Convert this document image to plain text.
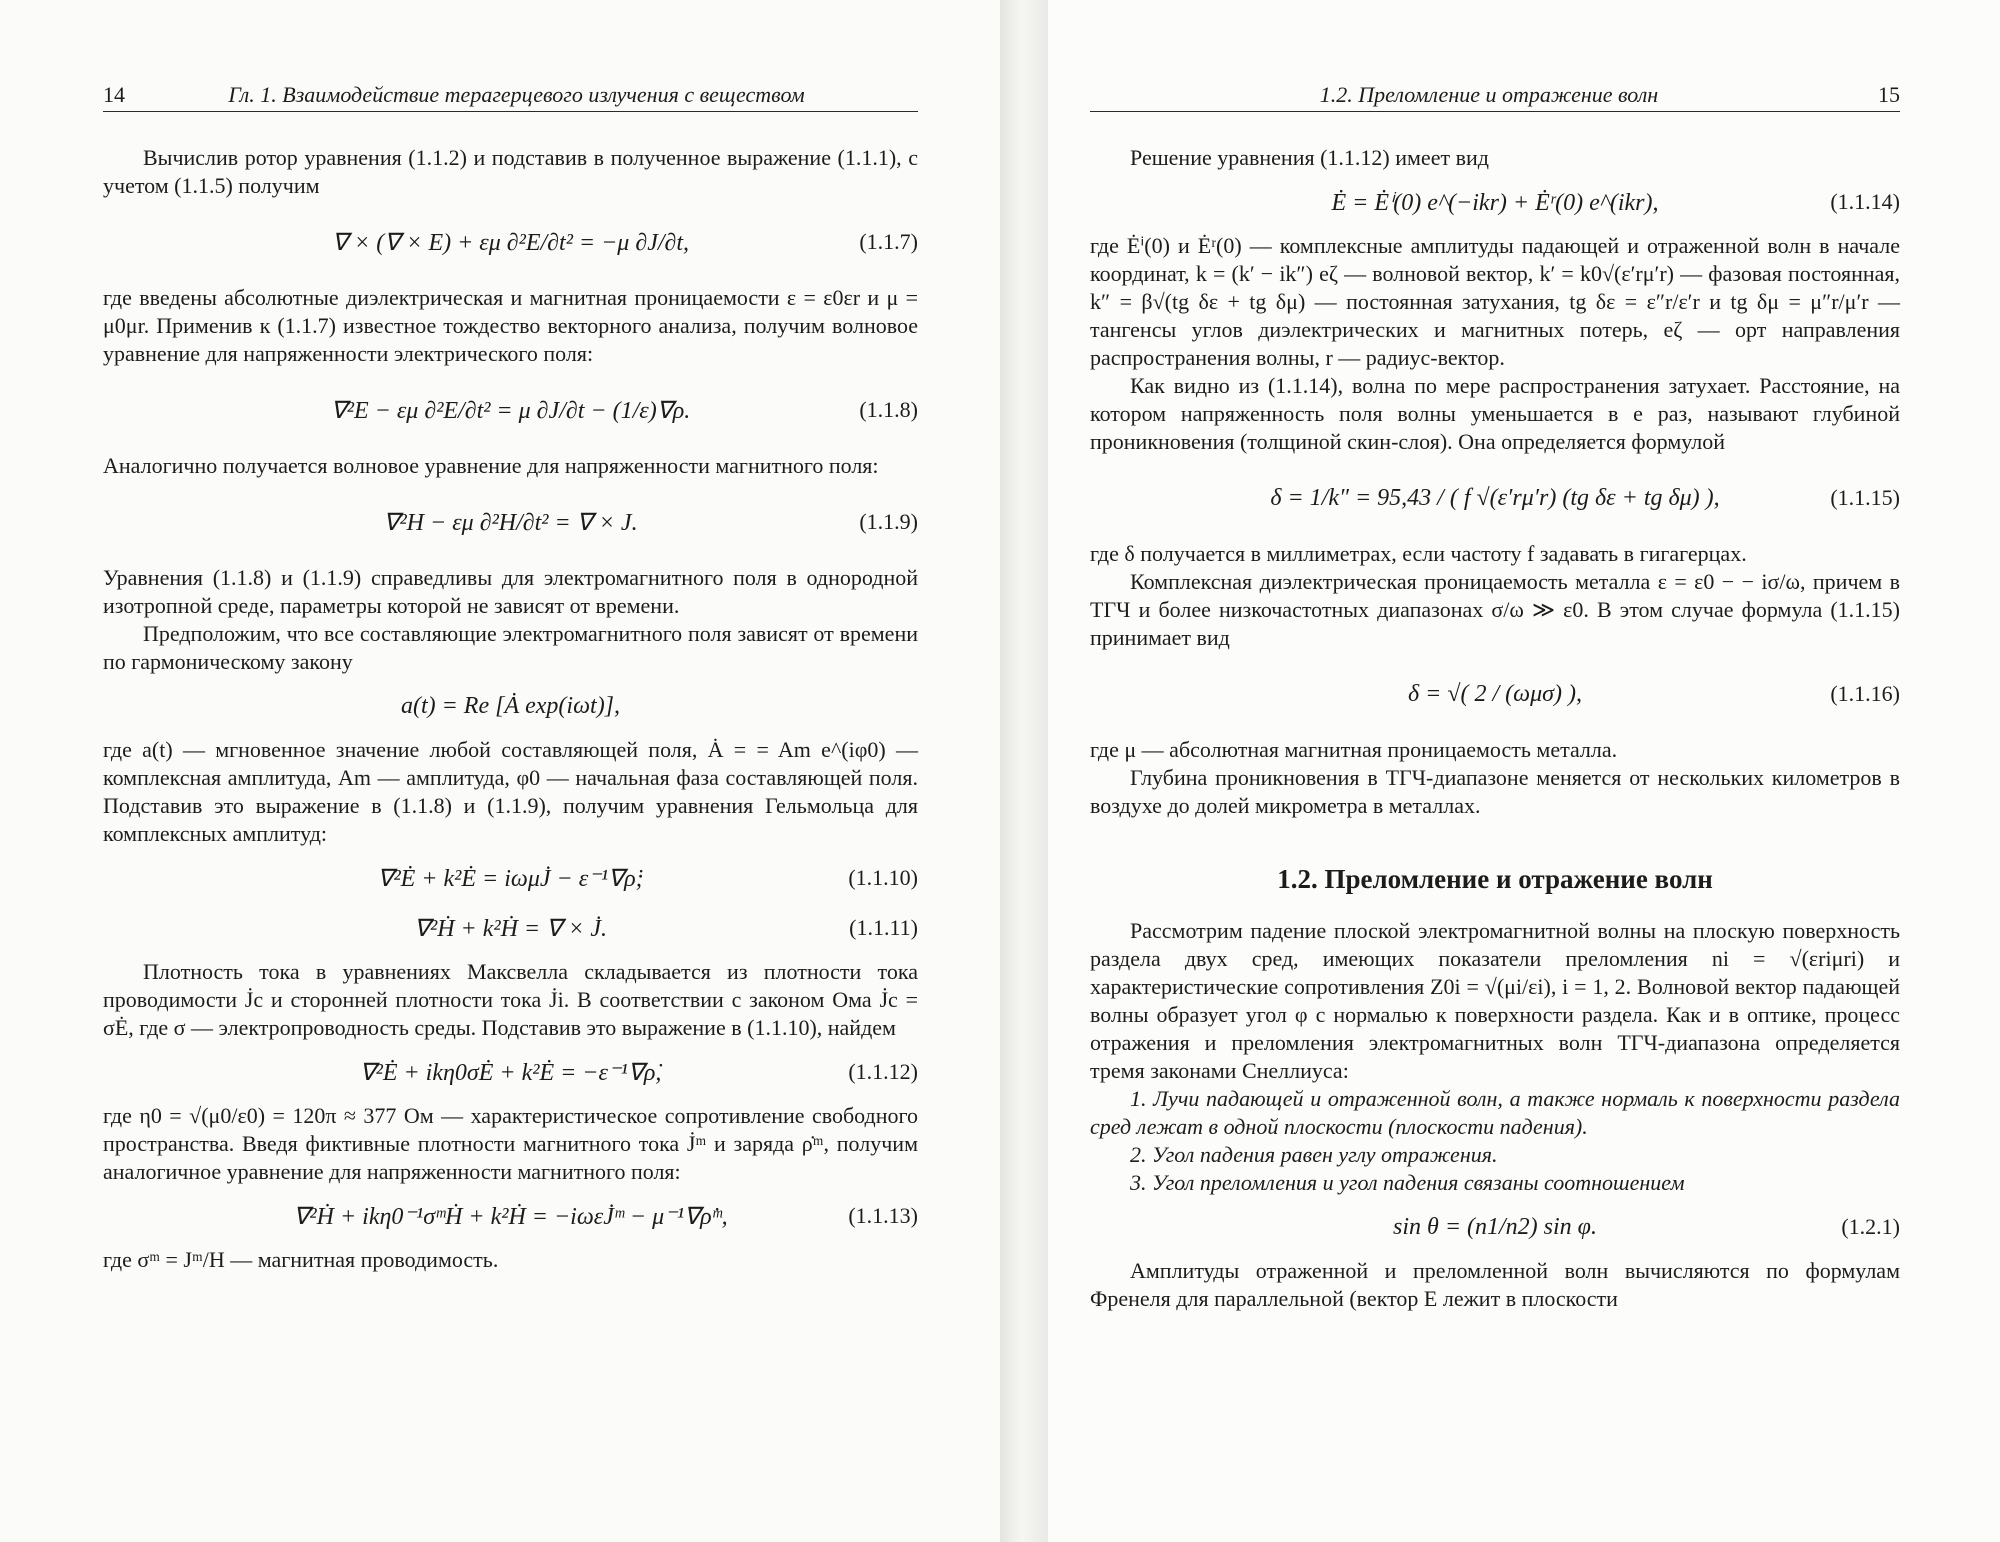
14	Гл. 1. Взаимодействие терагерцевого излучения с веществом

Вычислив ротор уравнения (1.1.2) и подставив в полученное выражение (1.1.1), с учетом (1.1.5) получим

∇ × (∇ × E) + εμ ∂²E/∂t² = −μ ∂J/∂t,	(1.1.7)

где введены абсолютные диэлектрическая и магнитная проницаемости ε = ε0εr и μ = μ0μr. Применив к (1.1.7) известное тождество векторного анализа, получим волновое уравнение для напряженности электрического поля:

∇²E − εμ ∂²E/∂t² = μ ∂J/∂t − (1/ε)∇ρ.	(1.1.8)

Аналогично получается волновое уравнение для напряженности магнитного поля:

∇²H − εμ ∂²H/∂t² = ∇ × J.	(1.1.9)

Уравнения (1.1.8) и (1.1.9) справедливы для электромагнитного поля в однородной изотропной среде, параметры которой не зависят от времени.

Предположим, что все составляющие электромагнитного поля зависят от времени по гармоническому закону

a(t) = Re [Ȧ exp(iωt)],

где a(t) — мгновенное значение любой составляющей поля, Ȧ = = Am e^(iφ0) — комплексная амплитуда, Am — амплитуда, φ0 — начальная фаза составляющей поля. Подставив это выражение в (1.1.8) и (1.1.9), получим уравнения Гельмольца для комплексных амплитуд:

∇²Ė + k²Ė = iωμJ̇ − ε⁻¹∇ρ̇;	(1.1.10)
∇²Ḣ + k²Ḣ = ∇ × J̇.	(1.1.11)

Плотность тока в уравнениях Максвелла складывается из плотности тока проводимости J̇c и сторонней плотности тока J̇i. В соответствии с законом Ома J̇c = σĖ, где σ — электропроводность среды. Подставив это выражение в (1.1.10), найдем

∇²Ė + ikη0σĖ + k²Ė = −ε⁻¹∇ρ̇,	(1.1.12)

где η0 = √(μ0/ε0) = 120π ≈ 377 Ом — характеристическое сопротивление свободного пространства. Введя фиктивные плотности магнитного тока J̇ᵐ и заряда ρ̇ᵐ, получим аналогичное уравнение для напряженности магнитного поля:

∇²Ḣ + ikη0⁻¹σᵐḢ + k²Ḣ = −iωεJ̇ᵐ − μ⁻¹∇ρ̇ᵐ,	(1.1.13)

где σᵐ = Jᵐ/H — магнитная проводимость.

1.2. Преломление и отражение волн	15

Решение уравнения (1.1.12) имеет вид

Ė = Ėⁱ(0) e^(−ikr) + Ėʳ(0) e^(ikr),	(1.1.14)

где Ėⁱ(0) и Ėʳ(0) — комплексные амплитуды падающей и отраженной волн в начале координат, k = (k′ − ik″) eζ — волновой вектор, k′ = k0√(ε′rμ′r) — фазовая постоянная, k″ = β√(tg δε + tg δμ) — постоянная затухания, tg δε = ε″r/ε′r и tg δμ = μ″r/μ′r — тангенсы углов диэлектрических и магнитных потерь, eζ — орт направления распространения волны, r — радиус-вектор.

Как видно из (1.1.14), волна по мере распространения затухает. Расстояние, на котором напряженность поля волны уменьшается в e раз, называют глубиной проникновения (толщиной скин-слоя). Она определяется формулой

δ = 1/k″ = 95,43 / ( f √(ε′rμ′r) (tg δε + tg δμ) ),	(1.1.15)

где δ получается в миллиметрах, если частоту f задавать в гигагерцах.

Комплексная диэлектрическая проницаемость металла ε = ε0 − − iσ/ω, причем в ТГЧ и более низкочастотных диапазонах σ/ω ≫ ε0. В этом случае формула (1.1.15) принимает вид

δ = √( 2 / (ωμσ) ),	(1.1.16)

где μ — абсолютная магнитная проницаемость металла.

Глубина проникновения в ТГЧ-диапазоне меняется от нескольких километров в воздухе до долей микрометра в металлах.

1.2. Преломление и отражение волн

Рассмотрим падение плоской электромагнитной волны на плоскую поверхность раздела двух сред, имеющих показатели преломления ni = √(εriμri) и характеристические сопротивления Z0i = √(μi/εi), i = 1, 2. Волновой вектор падающей волны образует угол φ с нормалью к поверхности раздела. Как и в оптике, процесс отражения и преломления электромагнитных волн ТГЧ-диапазона определяется тремя законами Снеллиуса:

1. Лучи падающей и отраженной волн, а также нормаль к поверхности раздела сред лежат в одной плоскости (плоскости падения).

2. Угол падения равен углу отражения.

3. Угол преломления и угол падения связаны соотношением

sin θ = (n1/n2) sin φ.	(1.2.1)

Амплитуды отраженной и преломленной волн вычисляются по формулам Френеля для параллельной (вектор E лежит в плоскости
